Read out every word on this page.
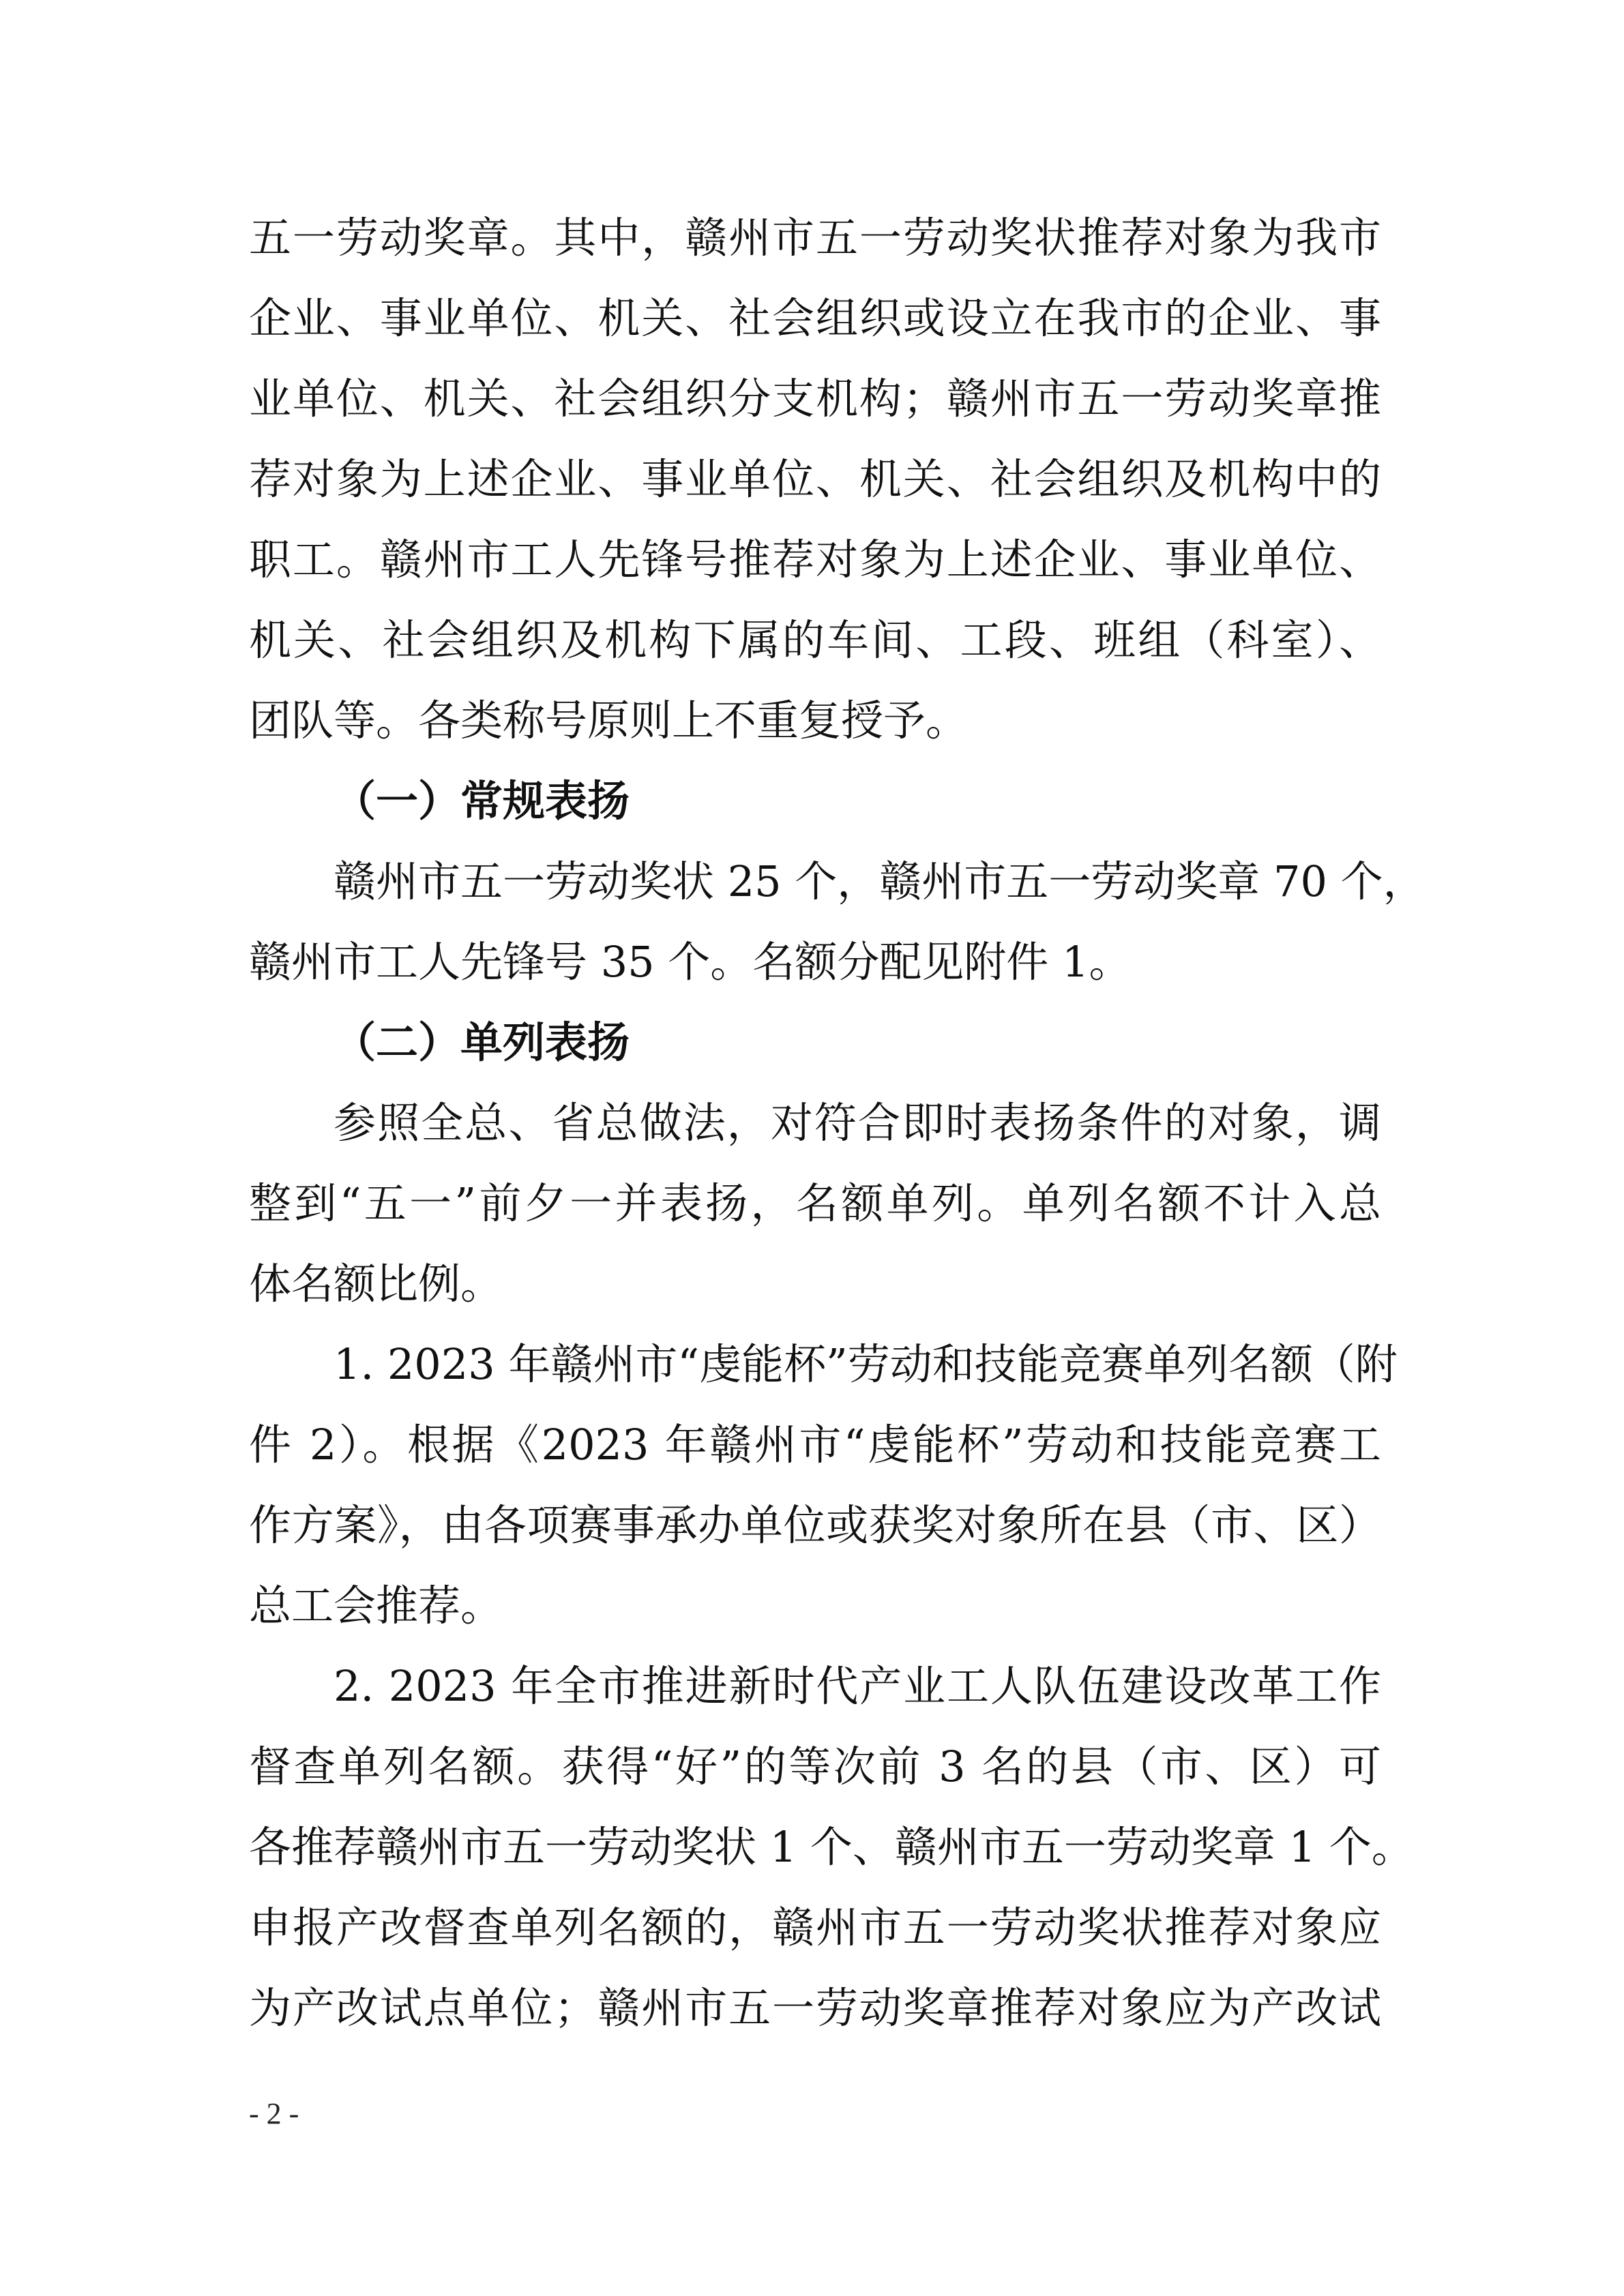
五一劳动奖章。其中，赣州市五一劳动奖状推荐对象为我市
企业、事业单位、机关、社会组织或设立在我市的企业、事
业单位、机关、社会组织分支机构；赣州市五一劳动奖章推
荐对象为上述企业、事业单位、机关、社会组织及机构中的
职工。赣州市工人先锋号推荐对象为上述企业、事业单位、
机关、社会组织及机构下属的车间、工段、班组（科室）、
团队等。各类称号原则上不重复授予。
（一）常规表扬
赣州市五一劳动奖状 25 个，赣州市五一劳动奖章 70 个，
赣州市工人先锋号 35 个。名额分配见附件 1。
（二）单列表扬
参照全总、省总做法，对符合即时表扬条件的对象，调
整到“五一”前夕一并表扬，名额单列。单列名额不计入总
体名额比例。
1. 2023 年赣州市“虔能杯”劳动和技能竞赛单列名额（附
件 2）。根据《2023 年赣州市“虔能杯”劳动和技能竞赛工
作方案》，由各项赛事承办单位或获奖对象所在县（市、区）
总工会推荐。
2. 2023 年全市推进新时代产业工人队伍建设改革工作
督查单列名额。获得“好”的等次前 3 名的县（市、区）可
各推荐赣州市五一劳动奖状 1 个、赣州市五一劳动奖章 1 个。
申报产改督查单列名额的，赣州市五一劳动奖状推荐对象应
为产改试点单位；赣州市五一劳动奖章推荐对象应为产改试
- 2 -
